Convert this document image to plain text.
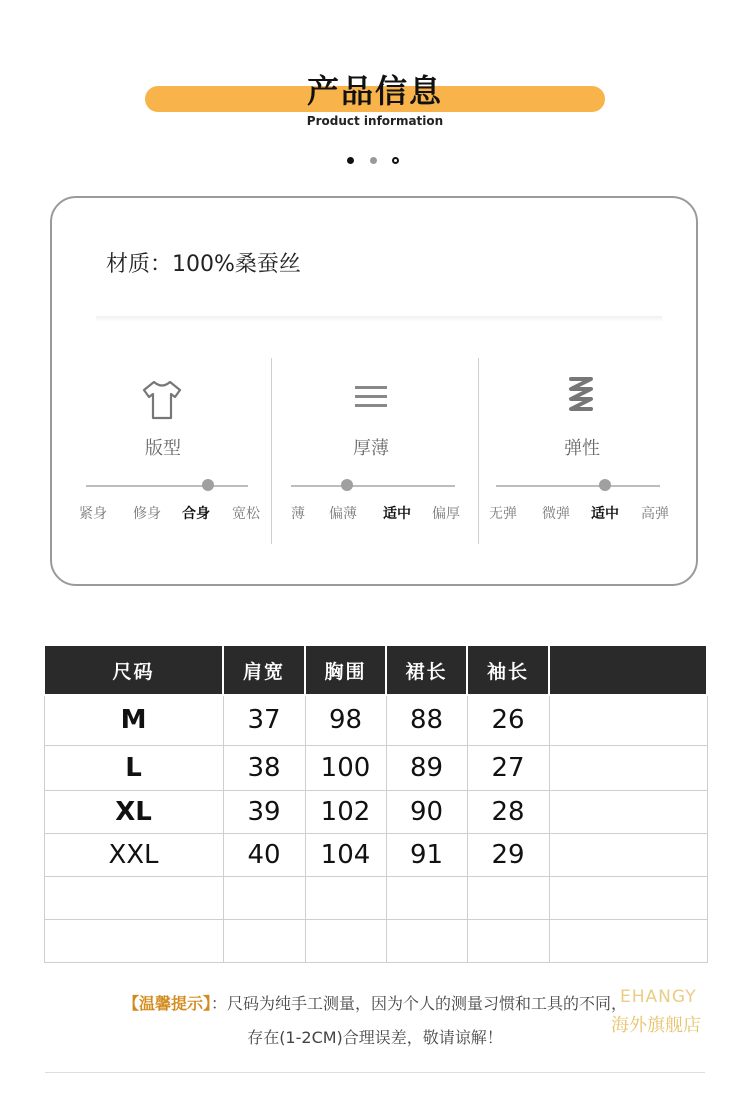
产品信息
Product information
材质：100%桑蚕丝
版型
紧身	修身	合身	宽松
厚薄
薄	偏薄	适中	偏厚
弹性
无弹	微弹	适中	高弹
尺码	肩宽	胸围	裙长	袖长	
M	37	98	88	26	
L	38	100	89	27	
XL	39	102	90	28	
XXL	40	104	91	29	

【温馨提示】：尺码为纯手工测量，因为个人的测量习惯和工具的不同，
存在(1-2CM)合理误差，敬请谅解！
EHANGY
海外旗舰店
